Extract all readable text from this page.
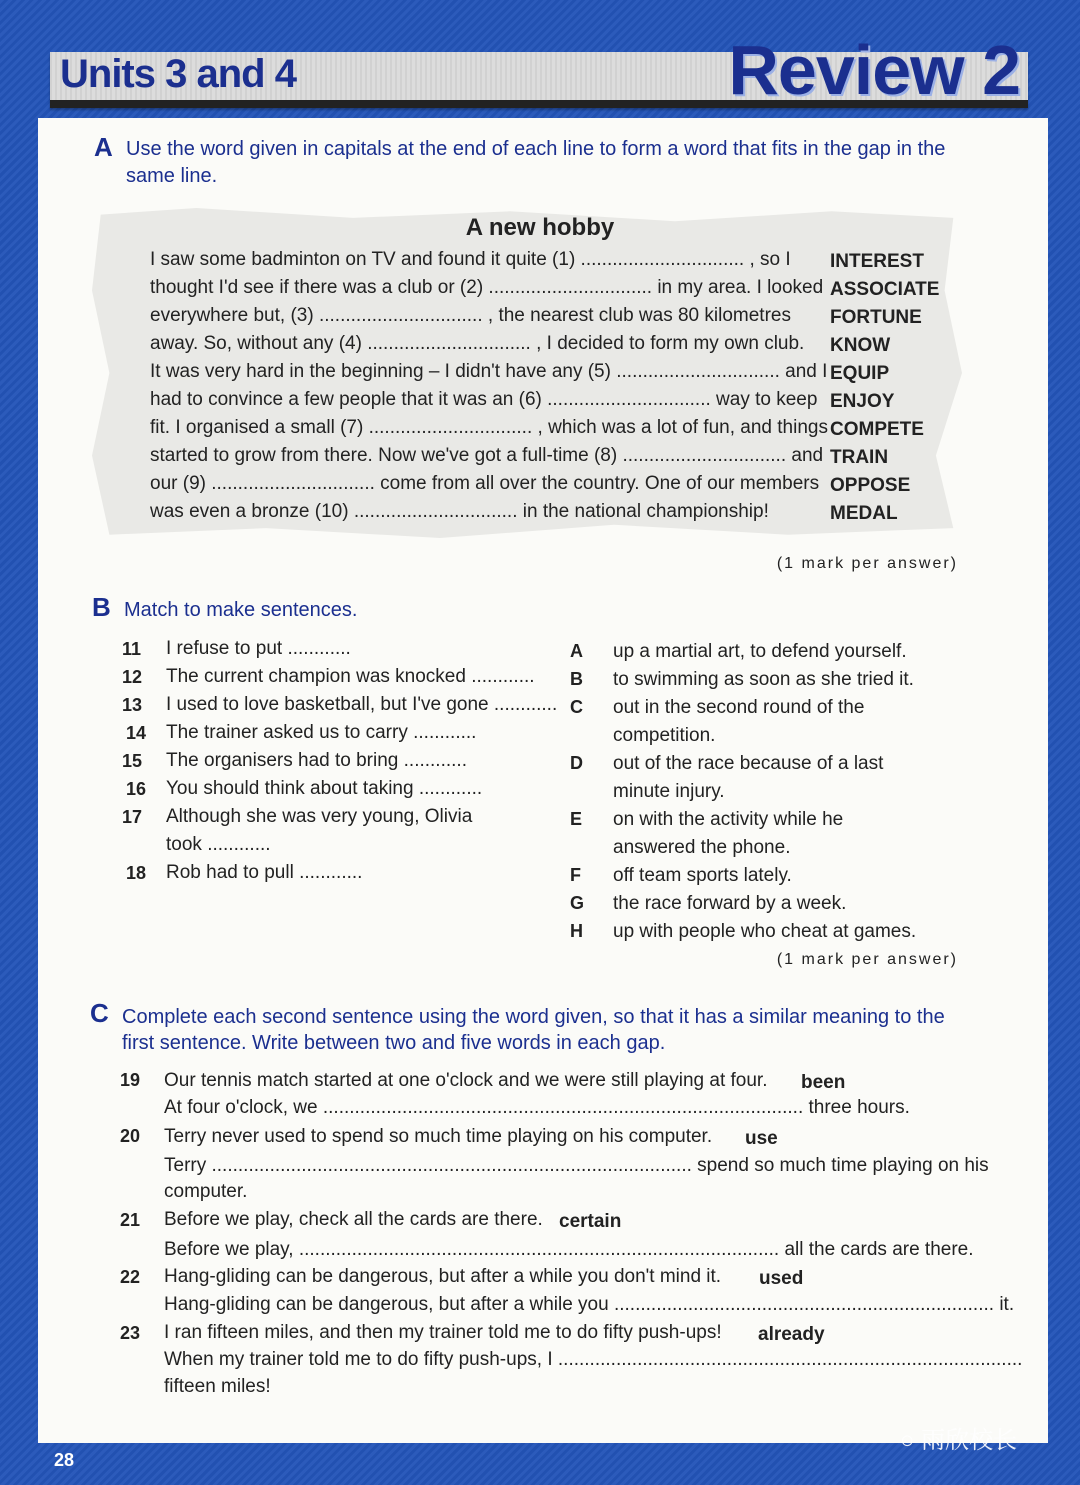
Units 3 and 4	Review 2
A Use the word given in capitals at the end of each line to form a word that fits in the gap in the
same line.
A new hobby
I saw some badminton on TV and found it quite (1) ............................... , so I
thought I'd see if there was a club or (2) ............................... in my area. I looked
everywhere but, (3) ............................... , the nearest club was 80 kilometres
away. So, without any (4) ............................... , I decided to form my own club.
It was very hard in the beginning – I didn't have any (5) ............................... and I
had to convince a few people that it was an (6) ............................... way to keep
fit. I organised a small (7) ............................... , which was a lot of fun, and things
started to grow from there. Now we've got a full-time (8) ............................... and
our (9) ............................... come from all over the country. One of our members
was even a bronze (10) ............................... in the national championship!
INTEREST
ASSOCIATE
FORTUNE
KNOW
EQUIP
ENJOY
COMPETE
TRAIN
OPPOSE
MEDAL
(1 mark per answer)
B Match to make sentences.
11 I refuse to put ............
12 The current champion was knocked ............
13 I used to love basketball, but I've gone ............
14 The trainer asked us to carry ............
15 The organisers had to bring ............
16 You should think about taking ............
17 Although she was very young, Olivia
took ............
18 Rob had to pull ............
A up a martial art, to defend yourself.
B to swimming as soon as she tried it.
C out in the second round of the
competition.
D out of the race because of a last
minute injury.
E on with the activity while he
answered the phone.
F off team sports lately.
G the race forward by a week.
H up with people who cheat at games.
(1 mark per answer)
C Complete each second sentence using the word given, so that it has a similar meaning to the
first sentence. Write between two and five words in each gap.
19 Our tennis match started at one o'clock and we were still playing at four. been
At four o'clock, we ........................................................................................... three hours.
20 Terry never used to spend so much time playing on his computer. use
Terry ........................................................................................... spend so much time playing on his
computer.
21 Before we play, check all the cards are there. certain
Before we play, ........................................................................................... all the cards are there.
22 Hang-gliding can be dangerous, but after a while you don't mind it. used
Hang-gliding can be dangerous, but after a while you ........................................................................ it.
23 I ran fifteen miles, and then my trainer told me to do fifty push-ups! already
When my trainer told me to do fifty push-ups, I ........................................................................................
fifteen miles!
28
○ 雨欣校长
